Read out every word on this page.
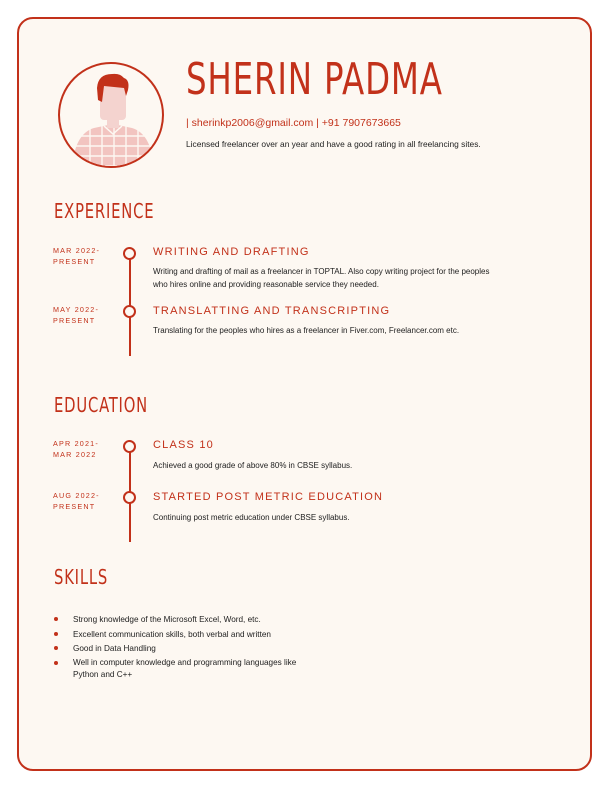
SHERIN PADMA
| sherinkp2006@gmail.com | +91 7907673665
Licensed freelancer over an year and have a good rating in all freelancing sites.
EXPERIENCE
MAR 2022-
PRESENT
WRITING AND DRAFTING
Writing and drafting of mail as a freelancer in TOPTAL. Also copy writing project for the peoples
who hires online and providing reasonable service they needed.
MAY 2022-
PRESENT
TRANSLATTING AND TRANSCRIPTING
Translating for the peoples who hires as a freelancer in Fiver.com, Freelancer.com etc.
EDUCATION
APR 2021-
MAR 2022
CLASS 10
Achieved a good grade of above 80% in CBSE syllabus.
AUG 2022-
PRESENT
STARTED POST METRIC EDUCATION
Continuing post metric education under CBSE syllabus.
SKILLS
Strong knowledge of the Microsoft Excel, Word, etc.
Excellent communication skills, both verbal and written
Good in Data Handling
Well in computer knowledge and programming languages like Python and C++
